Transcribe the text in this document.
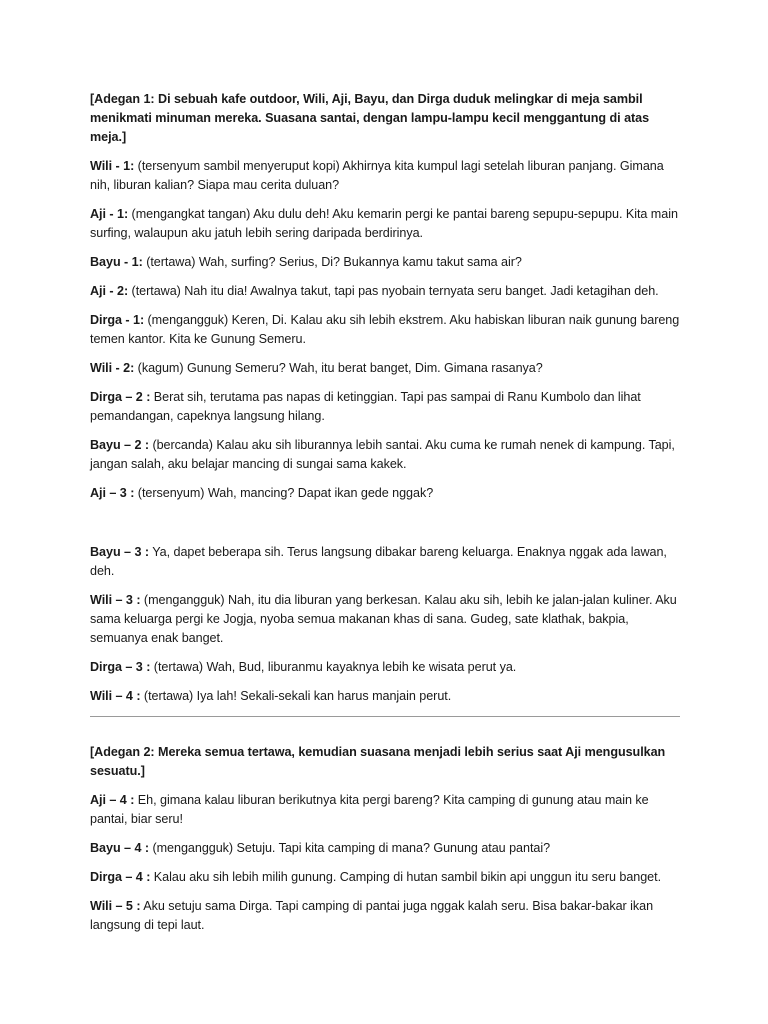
[Adegan 1: Di sebuah kafe outdoor, Wili, Aji, Bayu, dan Dirga duduk melingkar di meja sambil menikmati minuman mereka. Suasana santai, dengan lampu-lampu kecil menggantung di atas meja.]

Wili - 1: (tersenyum sambil menyeruput kopi) Akhirnya kita kumpul lagi setelah liburan panjang. Gimana nih, liburan kalian? Siapa mau cerita duluan?

Aji - 1: (mengangkat tangan) Aku dulu deh! Aku kemarin pergi ke pantai bareng sepupu-sepupu. Kita main surfing, walaupun aku jatuh lebih sering daripada berdirinya.

Bayu - 1: (tertawa) Wah, surfing? Serius, Di? Bukannya kamu takut sama air?

Aji - 2: (tertawa) Nah itu dia! Awalnya takut, tapi pas nyobain ternyata seru banget. Jadi ketagihan deh.

Dirga - 1: (mengangguk) Keren, Di. Kalau aku sih lebih ekstrem. Aku habiskan liburan naik gunung bareng temen kantor. Kita ke Gunung Semeru.

Wili - 2: (kagum) Gunung Semeru? Wah, itu berat banget, Dim. Gimana rasanya?

Dirga – 2 : Berat sih, terutama pas napas di ketinggian. Tapi pas sampai di Ranu Kumbolo dan lihat pemandangan, capeknya langsung hilang.

Bayu – 2 : (bercanda) Kalau aku sih liburannya lebih santai. Aku cuma ke rumah nenek di kampung. Tapi, jangan salah, aku belajar mancing di sungai sama kakek.

Aji – 3 : (tersenyum) Wah, mancing? Dapat ikan gede nggak?

Bayu – 3 : Ya, dapet beberapa sih. Terus langsung dibakar bareng keluarga. Enaknya nggak ada lawan, deh.

Wili – 3 : (mengangguk) Nah, itu dia liburan yang berkesan. Kalau aku sih, lebih ke jalan-jalan kuliner. Aku sama keluarga pergi ke Jogja, nyoba semua makanan khas di sana. Gudeg, sate klathak, bakpia, semuanya enak banget.

Dirga – 3 : (tertawa) Wah, Bud, liburanmu kayaknya lebih ke wisata perut ya.

Wili – 4 : (tertawa) Iya lah! Sekali-sekali kan harus manjain perut.

[Adegan 2: Mereka semua tertawa, kemudian suasana menjadi lebih serius saat Aji mengusulkan sesuatu.]

Aji – 4 : Eh, gimana kalau liburan berikutnya kita pergi bareng? Kita camping di gunung atau main ke pantai, biar seru!

Bayu – 4 : (mengangguk) Setuju. Tapi kita camping di mana? Gunung atau pantai?

Dirga – 4 : Kalau aku sih lebih milih gunung. Camping di hutan sambil bikin api unggun itu seru banget.

Wili – 5 : Aku setuju sama Dirga. Tapi camping di pantai juga nggak kalah seru. Bisa bakar-bakar ikan langsung di tepi laut.
